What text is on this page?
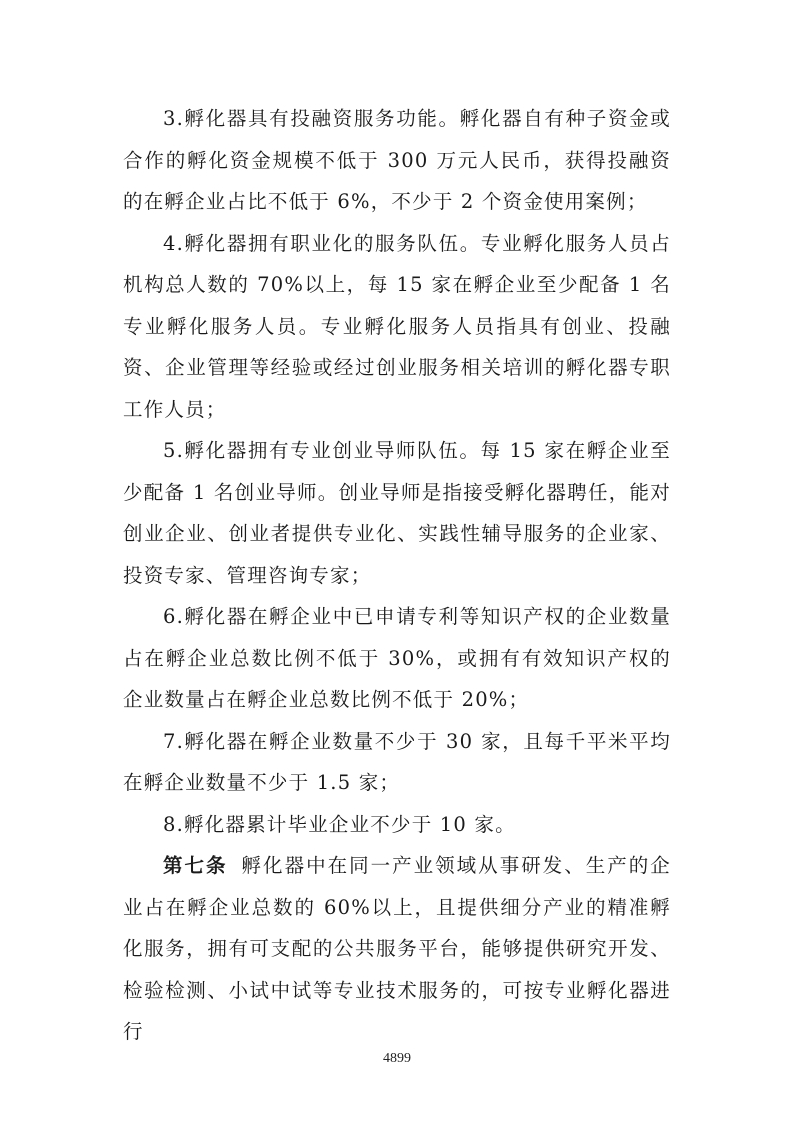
3.孵化器具有投融资服务功能。孵化器自有种子资金或合作的孵化资金规模不低于 300 万元人民币，获得投融资的在孵企业占比不低于 6%，不少于 2 个资金使用案例；

4.孵化器拥有职业化的服务队伍。专业孵化服务人员占机构总人数的 70%以上，每 15 家在孵企业至少配备 1 名专业孵化服务人员。专业孵化服务人员指具有创业、投融资、企业管理等经验或经过创业服务相关培训的孵化器专职工作人员；

5.孵化器拥有专业创业导师队伍。每 15 家在孵企业至少配备 1 名创业导师。创业导师是指接受孵化器聘任，能对创业企业、创业者提供专业化、实践性辅导服务的企业家、投资专家、管理咨询专家；

6.孵化器在孵企业中已申请专利等知识产权的企业数量占在孵企业总数比例不低于 30%，或拥有有效知识产权的企业数量占在孵企业总数比例不低于 20%；

7.孵化器在孵企业数量不少于 30 家，且每千平米平均在孵企业数量不少于 1.5 家；

8.孵化器累计毕业企业不少于 10 家。

第七条 孵化器中在同一产业领域从事研发、生产的企业占在孵企业总数的 60%以上，且提供细分产业的精准孵化服务，拥有可支配的公共服务平台，能够提供研究开发、检验检测、小试中试等专业技术服务的，可按专业孵化器进行

4899
